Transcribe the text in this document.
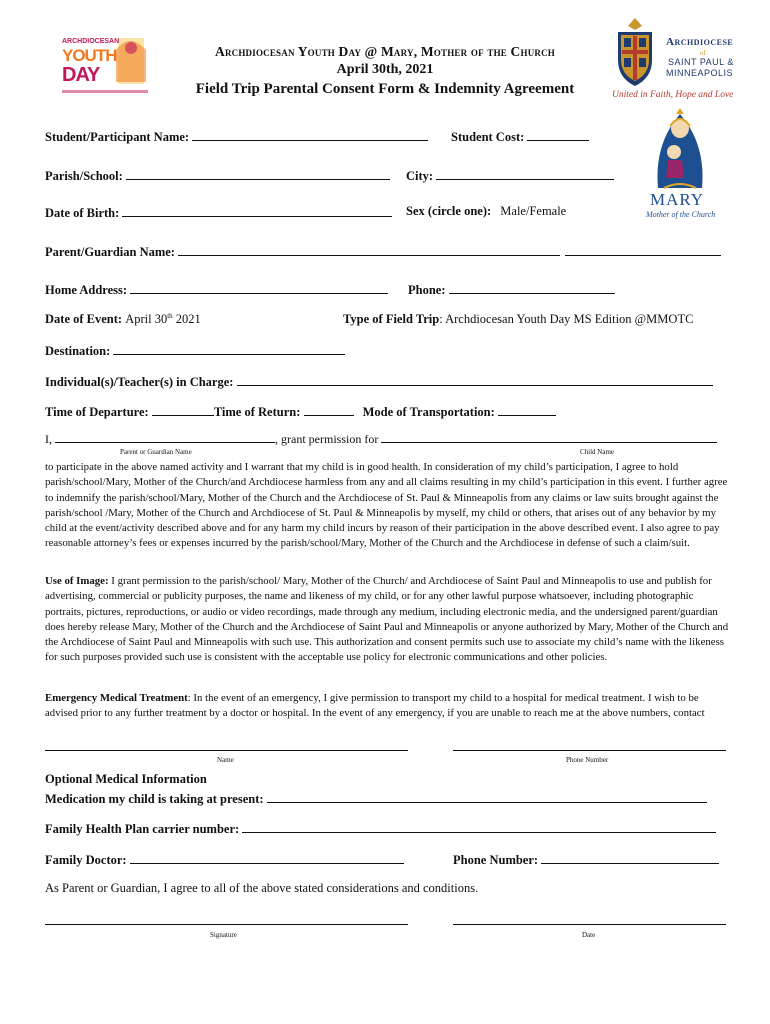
ARCHDIOCESAN
YOUTH
DAY
Archdiocesan Youth Day @ Mary, Mother of the Church
April 30th, 2021
Field Trip Parental Consent Form & Indemnity Agreement
Archdiocese
of
SAINT PAUL &
MINNEAPOLIS
United in Faith, Hope and Love
MARY
Mother of the Church
Student/Participant Name:	Student Cost:
Parish/School:	City:
Date of Birth:	Sex (circle one): Male/Female
Parent/Guardian Name:
Home Address:	Phone:
Date of Event: April 30th 2021	Type of Field Trip: Archdiocesan Youth Day MS Edition @MMOTC
Destination:
Individual(s)/Teacher(s) in Charge:
Time of Departure:	Time of Return:	Mode of Transportation:
I,	, grant permission for
Parent or Guardian Name	Child Name
to participate in the above named activity and I warrant that my child is in good health. In consideration of my child’s participation, I agree to hold parish/school/Mary, Mother of the Church/and Archdiocese harmless from any and all claims resulting in my child’s participation in this event. I further agree to indemnify the parish/school/Mary, Mother of the Church and the Archdiocese of St. Paul & Minneapolis from any claims or law suits brought against the parish/school /Mary, Mother of the Church and Archdiocese of St. Paul & Minneapolis by myself, my child or others, that arises out of any behavior by my child at the event/activity described above and for any harm my child incurs by reason of their participation in the above described event. I also agree to pay reasonable attorney’s fees or expenses incurred by the parish/school/Mary, Mother of the Church and the Archdiocese in defense of such a claim/suit.
Use of Image: I grant permission to the parish/school/ Mary, Mother of the Church/ and Archdiocese of Saint Paul and Minneapolis to use and publish for advertising, commercial or publicity purposes, the name and likeness of my child, or for any other lawful purpose whatsoever, including photographic portraits, pictures, reproductions, or audio or video recordings, made through any medium, including electronic media, and the undersigned parent/guardian does hereby release Mary, Mother of the Church and the Archdiocese of Saint Paul and Minneapolis or anyone authorized by Mary, Mother of the Church and the Archdiocese of Saint Paul and Minneapolis with such use. This authorization and consent permits such use to associate my child’s name with the likeness for such purposes provided such use is consistent with the acceptable use policy for electronic communications and other policies.
Emergency Medical Treatment: In the event of an emergency, I give permission to transport my child to a hospital for medical treatment. I wish to be advised prior to any further treatment by a doctor or hospital. In the event of any emergency, if you are unable to reach me at the above numbers, contact
Name	Phone Number
Optional Medical Information
Medication my child is taking at present:
Family Health Plan carrier number:
Family Doctor:	Phone Number:
As Parent or Guardian, I agree to all of the above stated considerations and conditions.
Signature	Date
